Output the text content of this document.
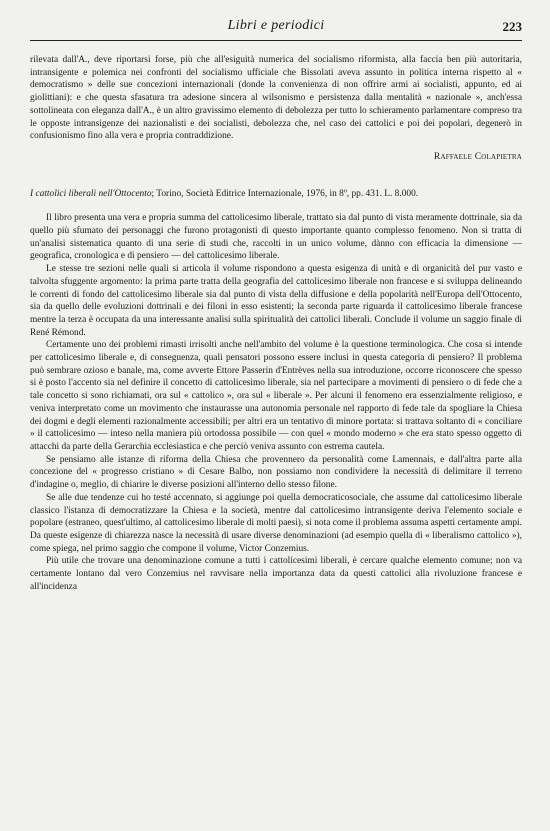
Libri e periodici	223

rilevata dall'A., deve riportarsi forse, più che all'esiguità numerica del socialismo riformista, alla faccia ben più autoritaria, intransigente e polemica nei confronti del socialismo ufficiale che Bissolati aveva assunto in politica interna rispetto al « democratismo » delle sue concezioni internazionali (donde la convenienza di non offrire armi ai socialisti, appunto, ed ai giolittiani): e che questa sfasatura tra adesione sincera al wilsonismo e persistenza dalla mentalità « nazionale », anch'essa sottolineata con eleganza dall'A., è un altro gravissimo elemento di debolezza per tutto lo schieramento parlamentare compreso tra le opposte intransigenze dei nazionalisti e dei socialisti, debolezza che, nel caso dei cattolici e poi dei popolari, degenerò in confusionismo fino alla vera e propria contraddizione.

Raffaele Colapietra

I cattolici liberali nell'Ottocento; Torino, Società Editrice Internazionale, 1976, in 8º, pp. 431. L. 8.000.

Il libro presenta una vera e propria summa del cattolicesimo liberale, trattato sia dal punto di vista meramente dottrinale, sia da quello più sfumato dei personaggi che furono protagonisti di questo importante quanto complesso fenomeno. Non si tratta di un'analisi sistematica quanto di una serie di studi che, raccolti in un unico volume, dànno con efficacia la dimensione — geografica, cronologica e di pensiero — del cattolicesimo liberale.

Le stesse tre sezioni nelle quali si articola il volume rispondono a questa esigenza di unità e di organicità del pur vasto e talvolta sfuggente argomento: la prima parte tratta della geografia del cattolicesimo liberale non francese e si sviluppa delineando le correnti di fondo del cattolicesimo liberale sia dal punto di vista della diffusione e della popolarità nell'Europa dell'Ottocento, sia da quello delle evoluzioni dottrinali e dei filoni in esso esistenti; la seconda parte riguarda il cattolicesimo liberale francese mentre la terza è occupata da una interessante analisi sulla spiritualità dei cattolici liberali. Conclude il volume un saggio finale di René Rémond.

Certamente uno dei problemi rimasti irrisolti anche nell'ambito del volume è la questione terminologica. Che cosa si intende per cattolicesimo liberale e, di conseguenza, quali pensatori possono essere inclusi in questa categoria di pensiero? Il problema può sembrare ozioso e banale, ma, come avverte Ettore Passerin d'Entrèves nella sua introduzione, occorre riconoscere che spesso si è posto l'accento sia nel definire il concetto di cattolicesimo liberale, sia nel partecipare a movimenti di pensiero o di fede che a tale concetto si sono richiamati, ora sul « cattolico », ora sul « liberale ». Per alcuni il fenomeno era essenzialmente religioso, e veniva interpretato come un movimento che instaurasse una autonomia personale nel rapporto di fede tale da spogliare la Chiesa dei dogmi e degli elementi razionalmente accessibili; per altri era un tentativo di minore portata: si trattava soltanto di « conciliare » il cattolicesimo — inteso nella maniera più ortodossa possibile — con quel « mondo moderno » che era stato spesso oggetto di attacchi da parte della Gerarchia ecclesiastica e che perciò veniva assunto con estrema cautela.

Se pensiamo alle istanze di riforma della Chiesa che provennero da personalità come Lamennais, e dall'altra parte alla concezione del « progresso cristiano » di Cesare Balbo, non possiamo non condividere la necessità di delimitare il terreno d'indagine o, meglio, di chiarire le diverse posizioni all'interno dello stesso filone.

Se alle due tendenze cui ho testé accennato, si aggiunge poi quella democraticosociale, che assume dal cattolicesimo liberale classico l'istanza di democratizzare la Chiesa e la società, mentre dal cattolicesimo intransigente deriva l'elemento sociale e popolare (estraneo, quest'ultimo, al cattolicesimo liberale di molti paesi), si nota come il problema assuma aspetti certamente ampi. Da queste esigenze di chiarezza nasce la necessità di usare diverse denominazioni (ad esempio quella di « liberalismo cattolico »), come spiega, nel primo saggio che compone il volume, Victor Conzemius.

Più utile che trovare una denominazione comune a tutti i cattolicesimi liberali, è cercare qualche elemento comune; non va certamente lontano dal vero Conzemius nel ravvisare nella importanza data da questi cattolici alla rivoluzione francese e all'incidenza
